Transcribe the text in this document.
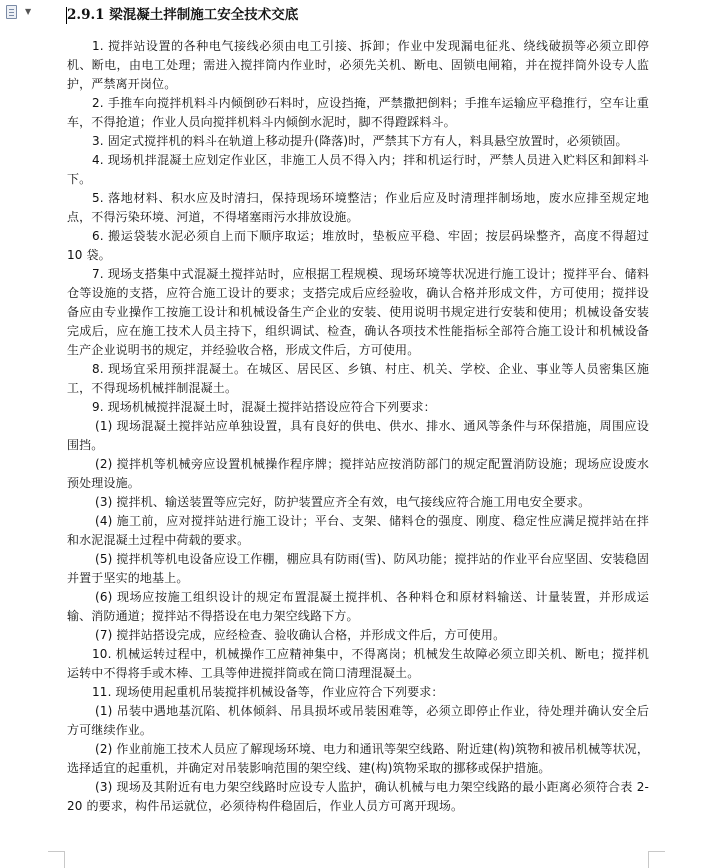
▼	2.9.1 梁混凝土拌制施工安全技术交底

1. 搅拌站设置的各种电气接线必须由电工引接、拆卸；作业中发现漏电征兆、绕线破损等必须立即停机、断电，由电工处理；需进入搅拌筒内作业时，必须先关机、断电、固锁电闸箱，并在搅拌筒外设专人监护，严禁离开岗位。

2. 手推车向搅拌机料斗内倾倒砂石料时，应设挡掩，严禁撒把倒料；手推车运输应平稳推行，空车让重车，不得抢道；作业人员向搅拌机料斗内倾倒水泥时，脚不得蹬踩料斗。

3. 固定式搅拌机的料斗在轨道上移动提升(降落)时，严禁其下方有人，料具悬空放置时，必须锁固。

4. 现场机拌混凝土应划定作业区，非施工人员不得入内；拌和机运行时，严禁人员进入贮料区和卸料斗下。

5. 落地材料、积水应及时清扫，保持现场环境整洁；作业后应及时清理拌制场地，废水应排至规定地点，不得污染环境、河道，不得堵塞雨污水排放设施。

6. 搬运袋装水泥必须自上而下顺序取运；堆放时，垫板应平稳、牢固；按层码垛整齐，高度不得超过 10 袋。

7. 现场支搭集中式混凝土搅拌站时，应根据工程规模、现场环境等状况进行施工设计；搅拌平台、储料仓等设施的支搭，应符合施工设计的要求；支搭完成后应经验收，确认合格并形成文件，方可使用；搅拌设备应由专业操作工按施工设计和机械设备生产企业的安装、使用说明书规定进行安装和使用；机械设备安装完成后，应在施工技术人员主持下，组织调试、检查，确认各项技术性能指标全部符合施工设计和机械设备生产企业说明书的规定，并经验收合格，形成文件后，方可使用。

8. 现场宜采用预拌混凝土。在城区、居民区、乡镇、村庄、机关、学校、企业、事业等人员密集区施工，不得现场机械拌制混凝土。

9. 现场机械搅拌混凝土时，混凝土搅拌站搭设应符合下列要求：

(1) 现场混凝土搅拌站应单独设置，具有良好的供电、供水、排水、通风等条件与环保措施，周围应设围挡。

(2) 搅拌机等机械旁应设置机械操作程序牌；搅拌站应按消防部门的规定配置消防设施；现场应设废水预处理设施。

(3) 搅拌机、输送装置等应完好，防护装置应齐全有效，电气接线应符合施工用电安全要求。

(4) 施工前，应对搅拌站进行施工设计；平台、支架、储料仓的强度、刚度、稳定性应满足搅拌站在拌和水泥混凝土过程中荷载的要求。

(5) 搅拌机等机电设备应设工作棚，棚应具有防雨(雪)、防风功能；搅拌站的作业平台应坚固、安装稳固并置于坚实的地基上。

(6) 现场应按施工组织设计的规定布置混凝土搅拌机、各种料仓和原材料输送、计量装置，并形成运输、消防通道；搅拌站不得搭设在电力架空线路下方。

(7) 搅拌站搭设完成，应经检查、验收确认合格，并形成文件后，方可使用。

10. 机械运转过程中，机械操作工应精神集中，不得离岗；机械发生故障必须立即关机、断电；搅拌机运转中不得将手或木棒、工具等伸进搅拌筒或在筒口清理混凝土。

11. 现场使用起重机吊装搅拌机械设备等，作业应符合下列要求：

(1) 吊装中遇地基沉陷、机体倾斜、吊具损坏或吊装困难等，必须立即停止作业，待处理并确认安全后方可继续作业。

(2) 作业前施工技术人员应了解现场环境、电力和通讯等架空线路、附近建(构)筑物和被吊机械等状况，选择适宜的起重机，并确定对吊装影响范围的架空线、建(构)筑物采取的挪移或保护措施。

(3) 现场及其附近有电力架空线路时应设专人监护，确认机械与电力架空线路的最小距离必须符合表 2-20 的要求，构件吊运就位，必须待构件稳固后，作业人员方可离开现场。
